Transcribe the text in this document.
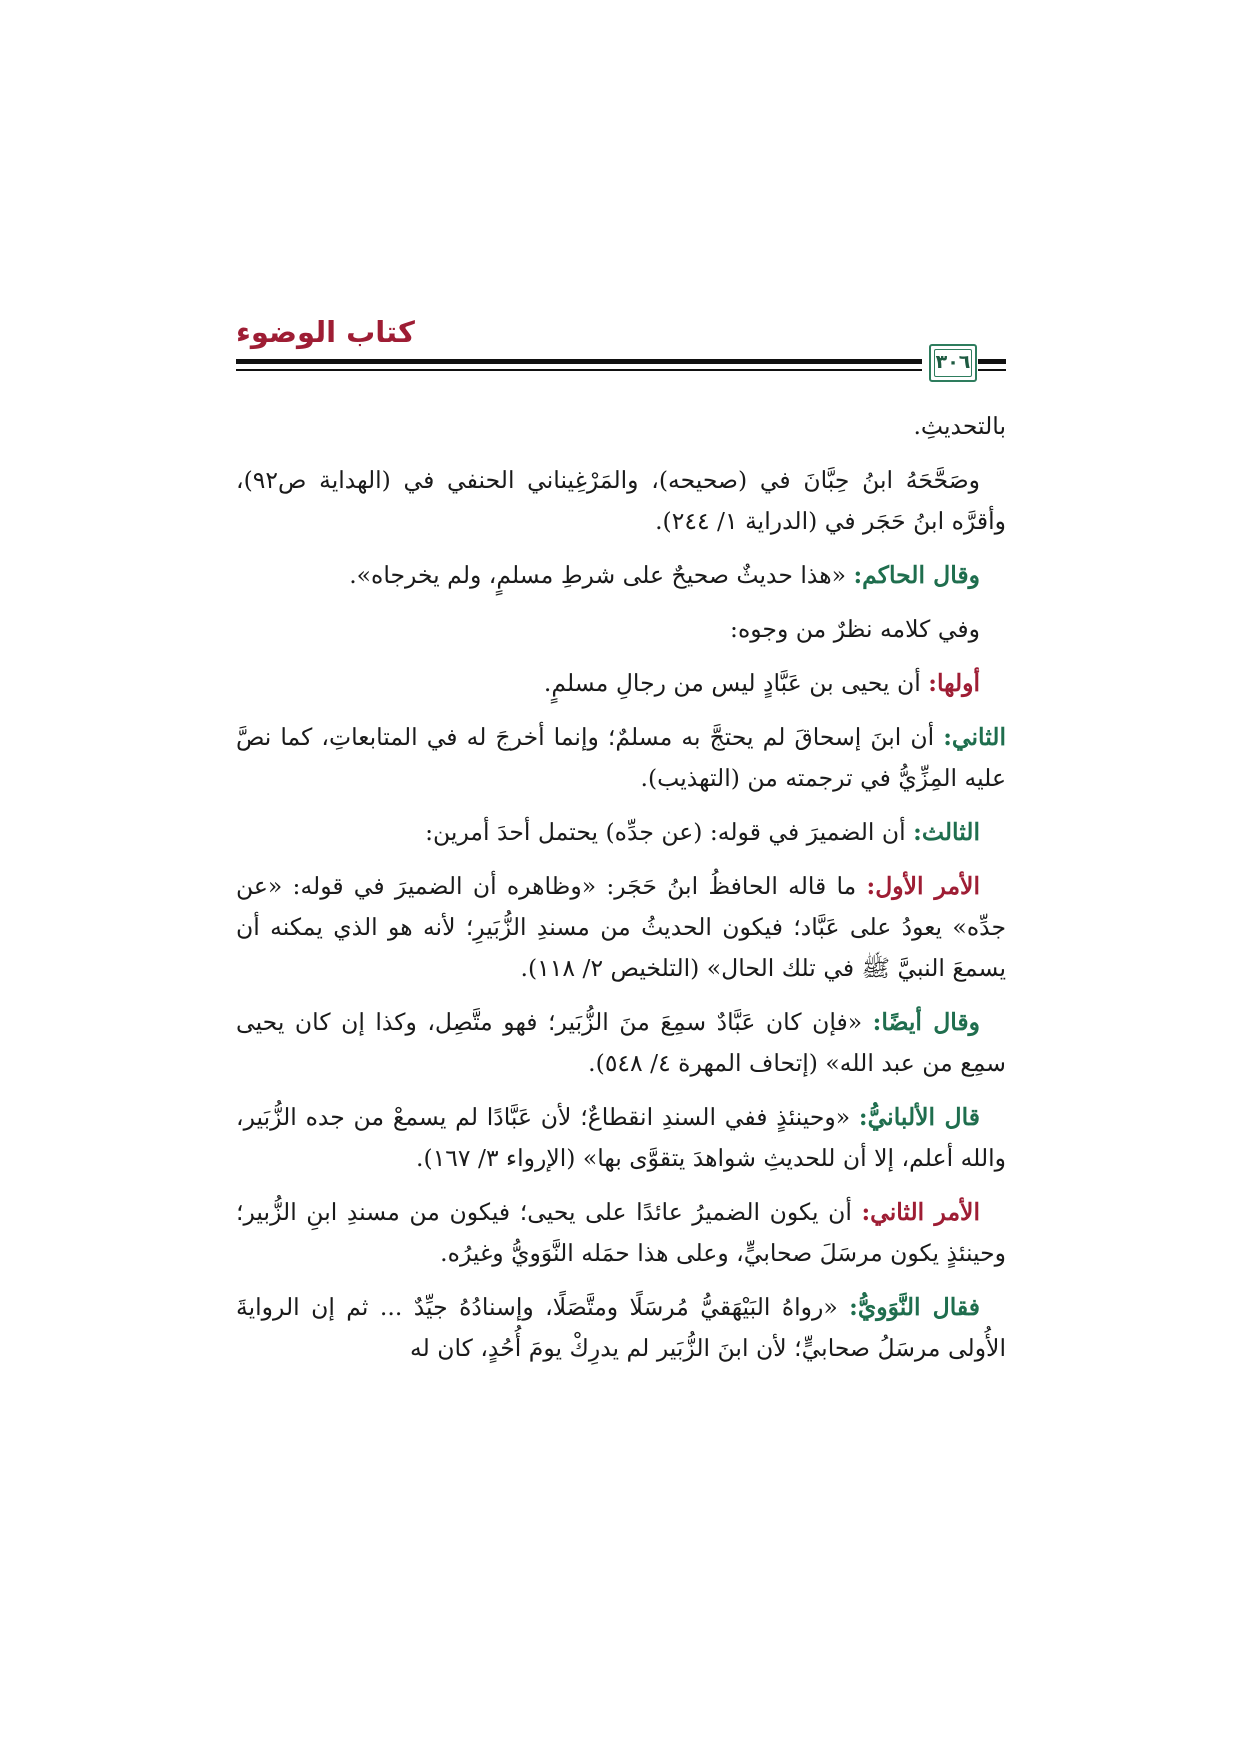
كتاب الوضوء
٣٠٦

بالتحديثِ.

وصَحَّحَهُ ابنُ حِبَّانَ في (صحيحه)، والمَرْغِيناني الحنفي في (الهداية ص٩٢)، وأقرَّه ابنُ حَجَر في (الدراية ١/ ٢٤٤).

وقال الحاكم: «هذا حديثٌ صحيحٌ على شرطِ مسلمٍ، ولم يخرجاه».

وفي كلامه نظرٌ من وجوه:

أولها: أن يحيى بن عَبَّادٍ ليس من رجالِ مسلمٍ.

الثاني: أن ابنَ إسحاقَ لم يحتجَّ به مسلمٌ؛ وإنما أخرجَ له في المتابعاتِ، كما نصَّ عليه المِزِّيُّ في ترجمته من (التهذيب).

الثالث: أن الضميرَ في قوله: (عن جدِّه) يحتمل أحدَ أمرين:

الأمر الأول: ما قاله الحافظُ ابنُ حَجَر: «وظاهره أن الضميرَ في قوله: «عن جدِّه» يعودُ على عَبَّاد؛ فيكون الحديثُ من مسندِ الزُّبَيرِ؛ لأنه هو الذي يمكنه أن يسمعَ النبيَّ ﷺ في تلك الحال» (التلخيص ٢/ ١١٨).

وقال أيضًا: «فإن كان عَبَّادٌ سمِعَ منَ الزُّبَير؛ فهو متَّصِل، وكذا إن كان يحيى سمِع من عبد الله» (إتحاف المهرة ٤/ ٥٤٨).

قال الألبانيُّ: «وحينئذٍ ففي السندِ انقطاعٌ؛ لأن عَبَّادًا لم يسمعْ من جده الزُّبَير، والله أعلم، إلا أن للحديثِ شواهدَ يتقوَّى بها» (الإرواء ٣/ ١٦٧).

الأمر الثاني: أن يكون الضميرُ عائدًا على يحيى؛ فيكون من مسندِ ابنِ الزُّبير؛ وحينئذٍ يكون مرسَلَ صحابيٍّ، وعلى هذا حمَله النَّوَويُّ وغيرُه.

فقال النَّوَويُّ: «رواهُ البَيْهَقيُّ مُرسَلًا ومتَّصَلًا، وإسنادُهُ جيِّدٌ ... ثم إن الروايةَ الأُولى مرسَلُ صحابيٍّ؛ لأن ابنَ الزُّبَير لم يدرِكْ يومَ أُحُدٍ، كان له
